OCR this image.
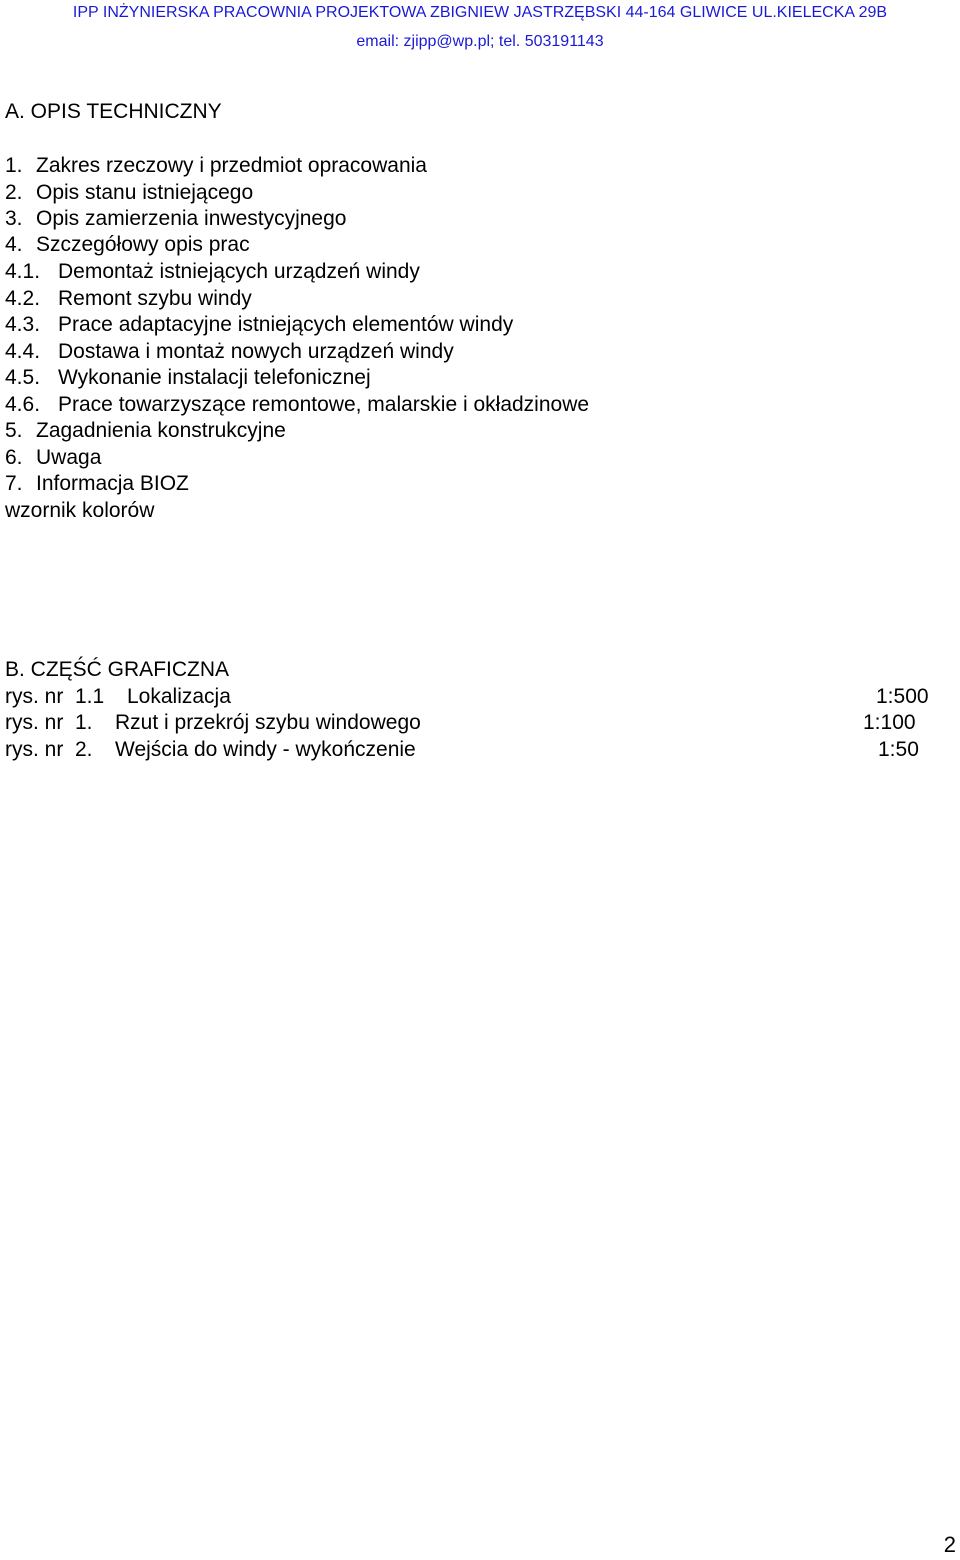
IPP INŻYNIERSKA PRACOWNIA PROJEKTOWA ZBIGNIEW JASTRZĘBSKI 44-164 GLIWICE UL.KIELECKA 29B
email: zjipp@wp.pl; tel. 503191143
A. OPIS TECHNICZNY
1. Zakres rzeczowy i przedmiot opracowania
2. Opis stanu istniejącego
3. Opis zamierzenia inwestycyjnego
4. Szczegółowy opis prac
4.1. Demontaż istniejących urządzeń windy
4.2. Remont szybu windy
4.3. Prace adaptacyjne istniejących elementów windy
4.4. Dostawa i montaż nowych urządzeń windy
4.5. Wykonanie instalacji telefonicznej
4.6. Prace towarzyszące remontowe, malarskie i okładzinowe
5. Zagadnienia konstrukcyjne
6. Uwaga
7. Informacja BIOZ
wzornik kolorów
B. CZĘŚĆ GRAFICZNA

rys. nr  1.1

Lokalizacja

	1:500

rys. nr  1.

Rzut i przekrój szybu windowego

	1:100

rys. nr  2.

Wejścia do windy - wykończenie

	1:50

2
